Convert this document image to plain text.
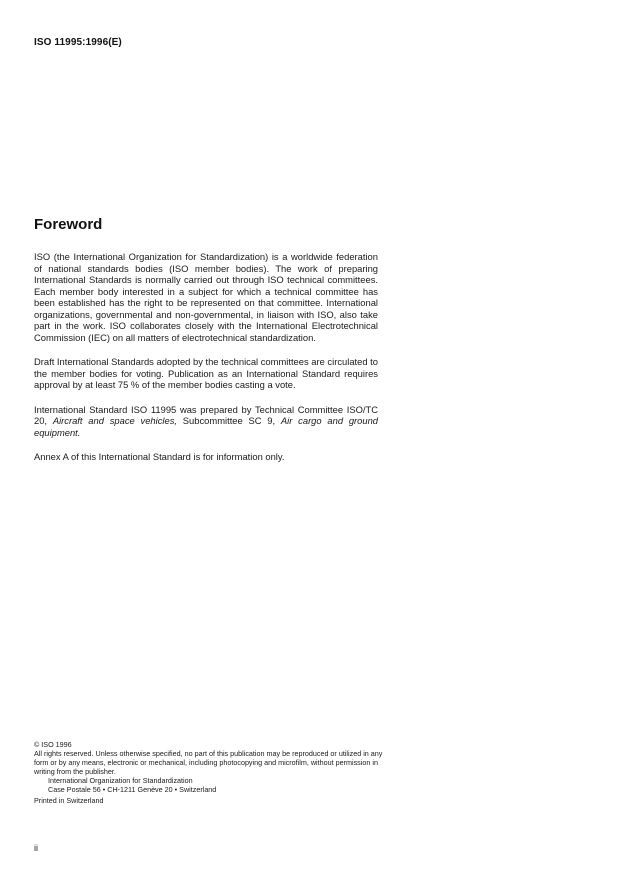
ISO 11995:1996(E)
Foreword

ISO (the International Organization for Standardization) is a worldwide federation of national standards bodies (ISO member bodies). The work of preparing International Standards is normally carried out through ISO technical committees. Each member body interested in a subject for which a technical committee has been established has the right to be represented on that committee. International organizations, governmental and non-governmental, in liaison with ISO, also take part in the work. ISO collaborates closely with the International Electrotechnical Commission (IEC) on all matters of electrotechnical standardization.

Draft International Standards adopted by the technical committees are circulated to the member bodies for voting. Publication as an International Standard requires approval by at least 75 % of the member bodies casting a vote.

International Standard ISO 11995 was prepared by Technical Committee ISO/TC 20, Aircraft and space vehicles, Subcommittee SC 9, Air cargo and ground equipment.

Annex A of this International Standard is for information only.

© ISO 1996
All rights reserved. Unless otherwise specified, no part of this publication may be reproduced or utilized in any form or by any means, electronic or mechanical, including photocopying and microfilm, without permission in writing from the publisher.
International Organization for Standardization
Case Postale 56 • CH-1211 Genève 20 • Switzerland
Printed in Switzerland
ii
